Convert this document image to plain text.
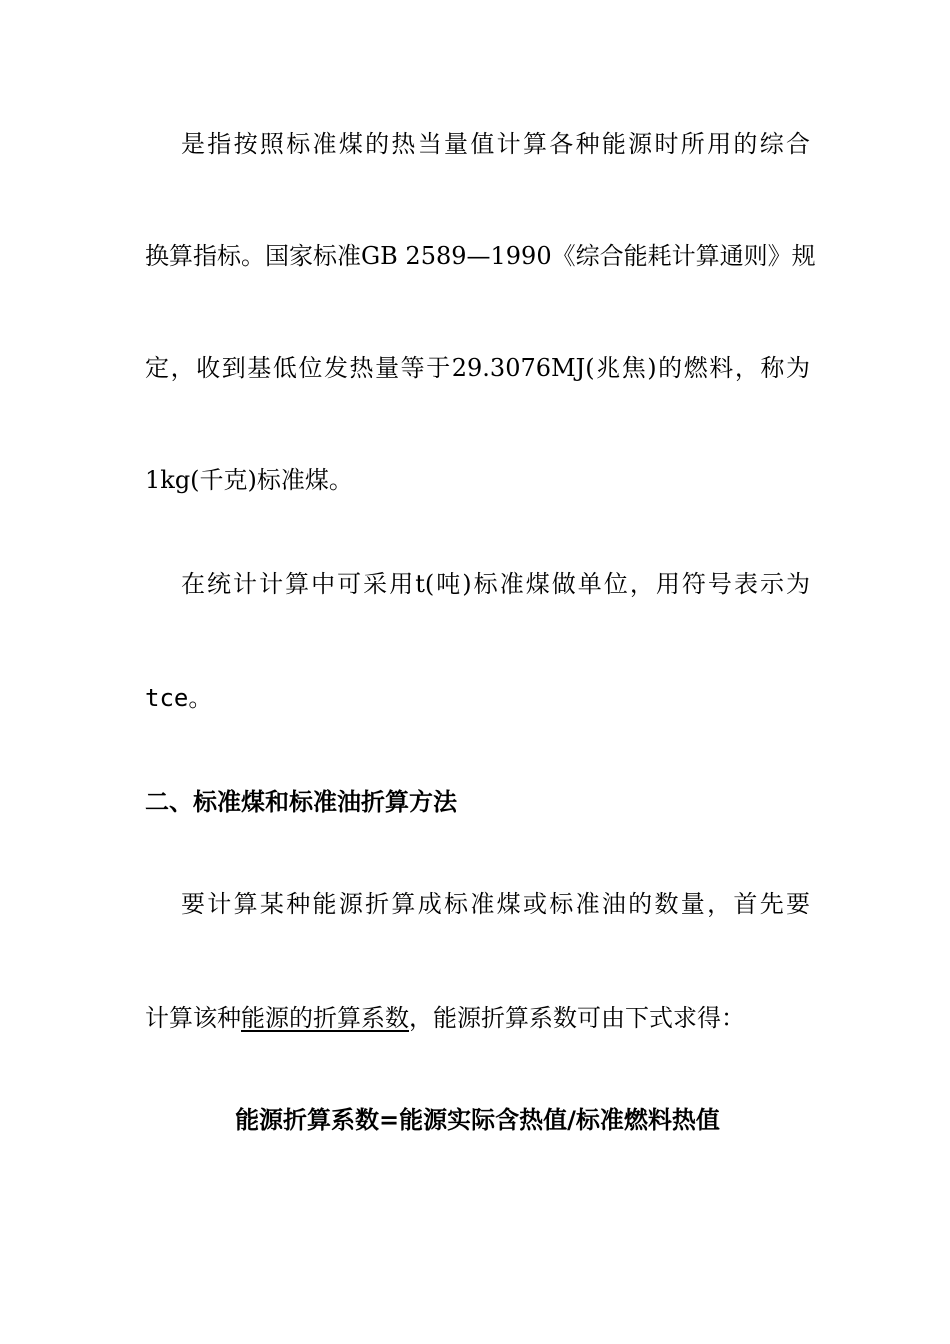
是指按照标准煤的热当量值计算各种能源时所用的综合
换算指标。国家标准GB 2589—1990《综合能耗计算通则》规
定，收到基低位发热量等于29.3076MJ(兆焦)的燃料，称为
1kg(千克)标准煤。
在统计计算中可采用t(吨)标准煤做单位，用符号表示为
tce。
二、标准煤和标准油折算方法
要计算某种能源折算成标准煤或标准油的数量，首先要
计算该种能源的折算系数，能源折算系数可由下式求得：
能源折算系数=能源实际含热值/标准燃料热值
